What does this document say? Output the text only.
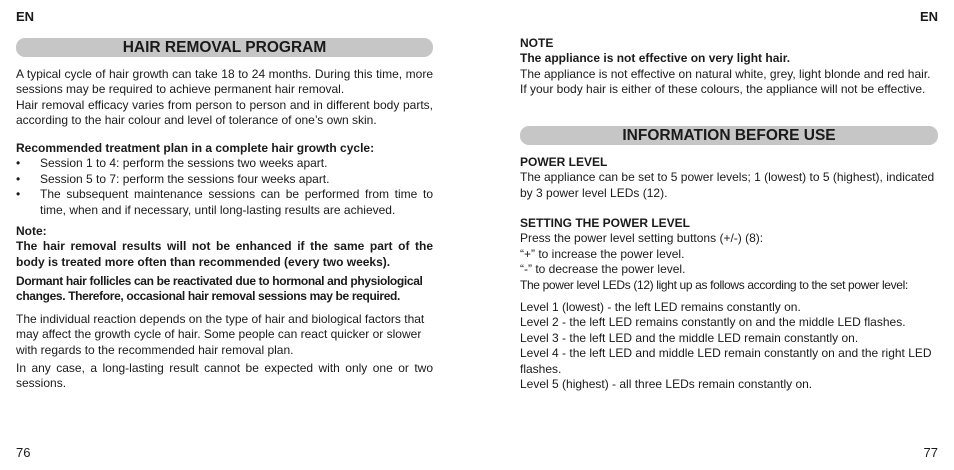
EN
HAIR REMOVAL PROGRAM

A typical cycle of hair growth can take 18 to 24 months. During this time, more sessions may be required to achieve permanent hair removal.

Hair removal efficacy varies from person to person and in different body parts, according to the hair colour and level of tolerance of one’s own skin.

Recommended treatment plan in a complete hair growth cycle:

•	Session 1 to 4: perform the sessions two weeks apart.
•	Session 5 to 7: perform the sessions four weeks apart.
•	The subsequent maintenance sessions can be performed from time to time, when and if necessary, until long-lasting results are achieved.

Note:

The hair removal results will not be enhanced if the same part of the body is treated more often than recommended (every two weeks).

Dormant hair follicles can be reactivated due to hormonal and physiological changes. Therefore, occasional hair removal sessions may be required.
The individual reaction depends on the type of hair and biological factors that may affect the growth cycle of hair. Some people can react quicker or slower with regards to the recommended hair removal plan.
In any case, a long-lasting result cannot be expected with only one or two sessions.
76
EN

NOTE

The appliance is not effective on very light hair.

The appliance is not effective on natural white, grey, light blonde and red hair.

If your body hair is either of these colours, the appliance will not be effective.

INFORMATION BEFORE USE

POWER LEVEL

The appliance can be set to 5 power levels; 1 (lowest) to 5 (highest), indicated by 3 power level LEDs (12).

SETTING THE POWER LEVEL

Press the power level setting buttons (+/-) (8):

“+” to increase the power level.

“-” to decrease the power level.

The power level LEDs (12) light up as follows according to the set power level:

Level 1 (lowest) - the left LED remains constantly on.

Level 2 - the left LED remains constantly on and the middle LED flashes.

Level 3 - the left LED and the middle LED remain constantly on.

Level 4 - the left LED and middle LED remain constantly on and the right LED flashes.

Level 5 (highest) - all three LEDs remain constantly on.

77
